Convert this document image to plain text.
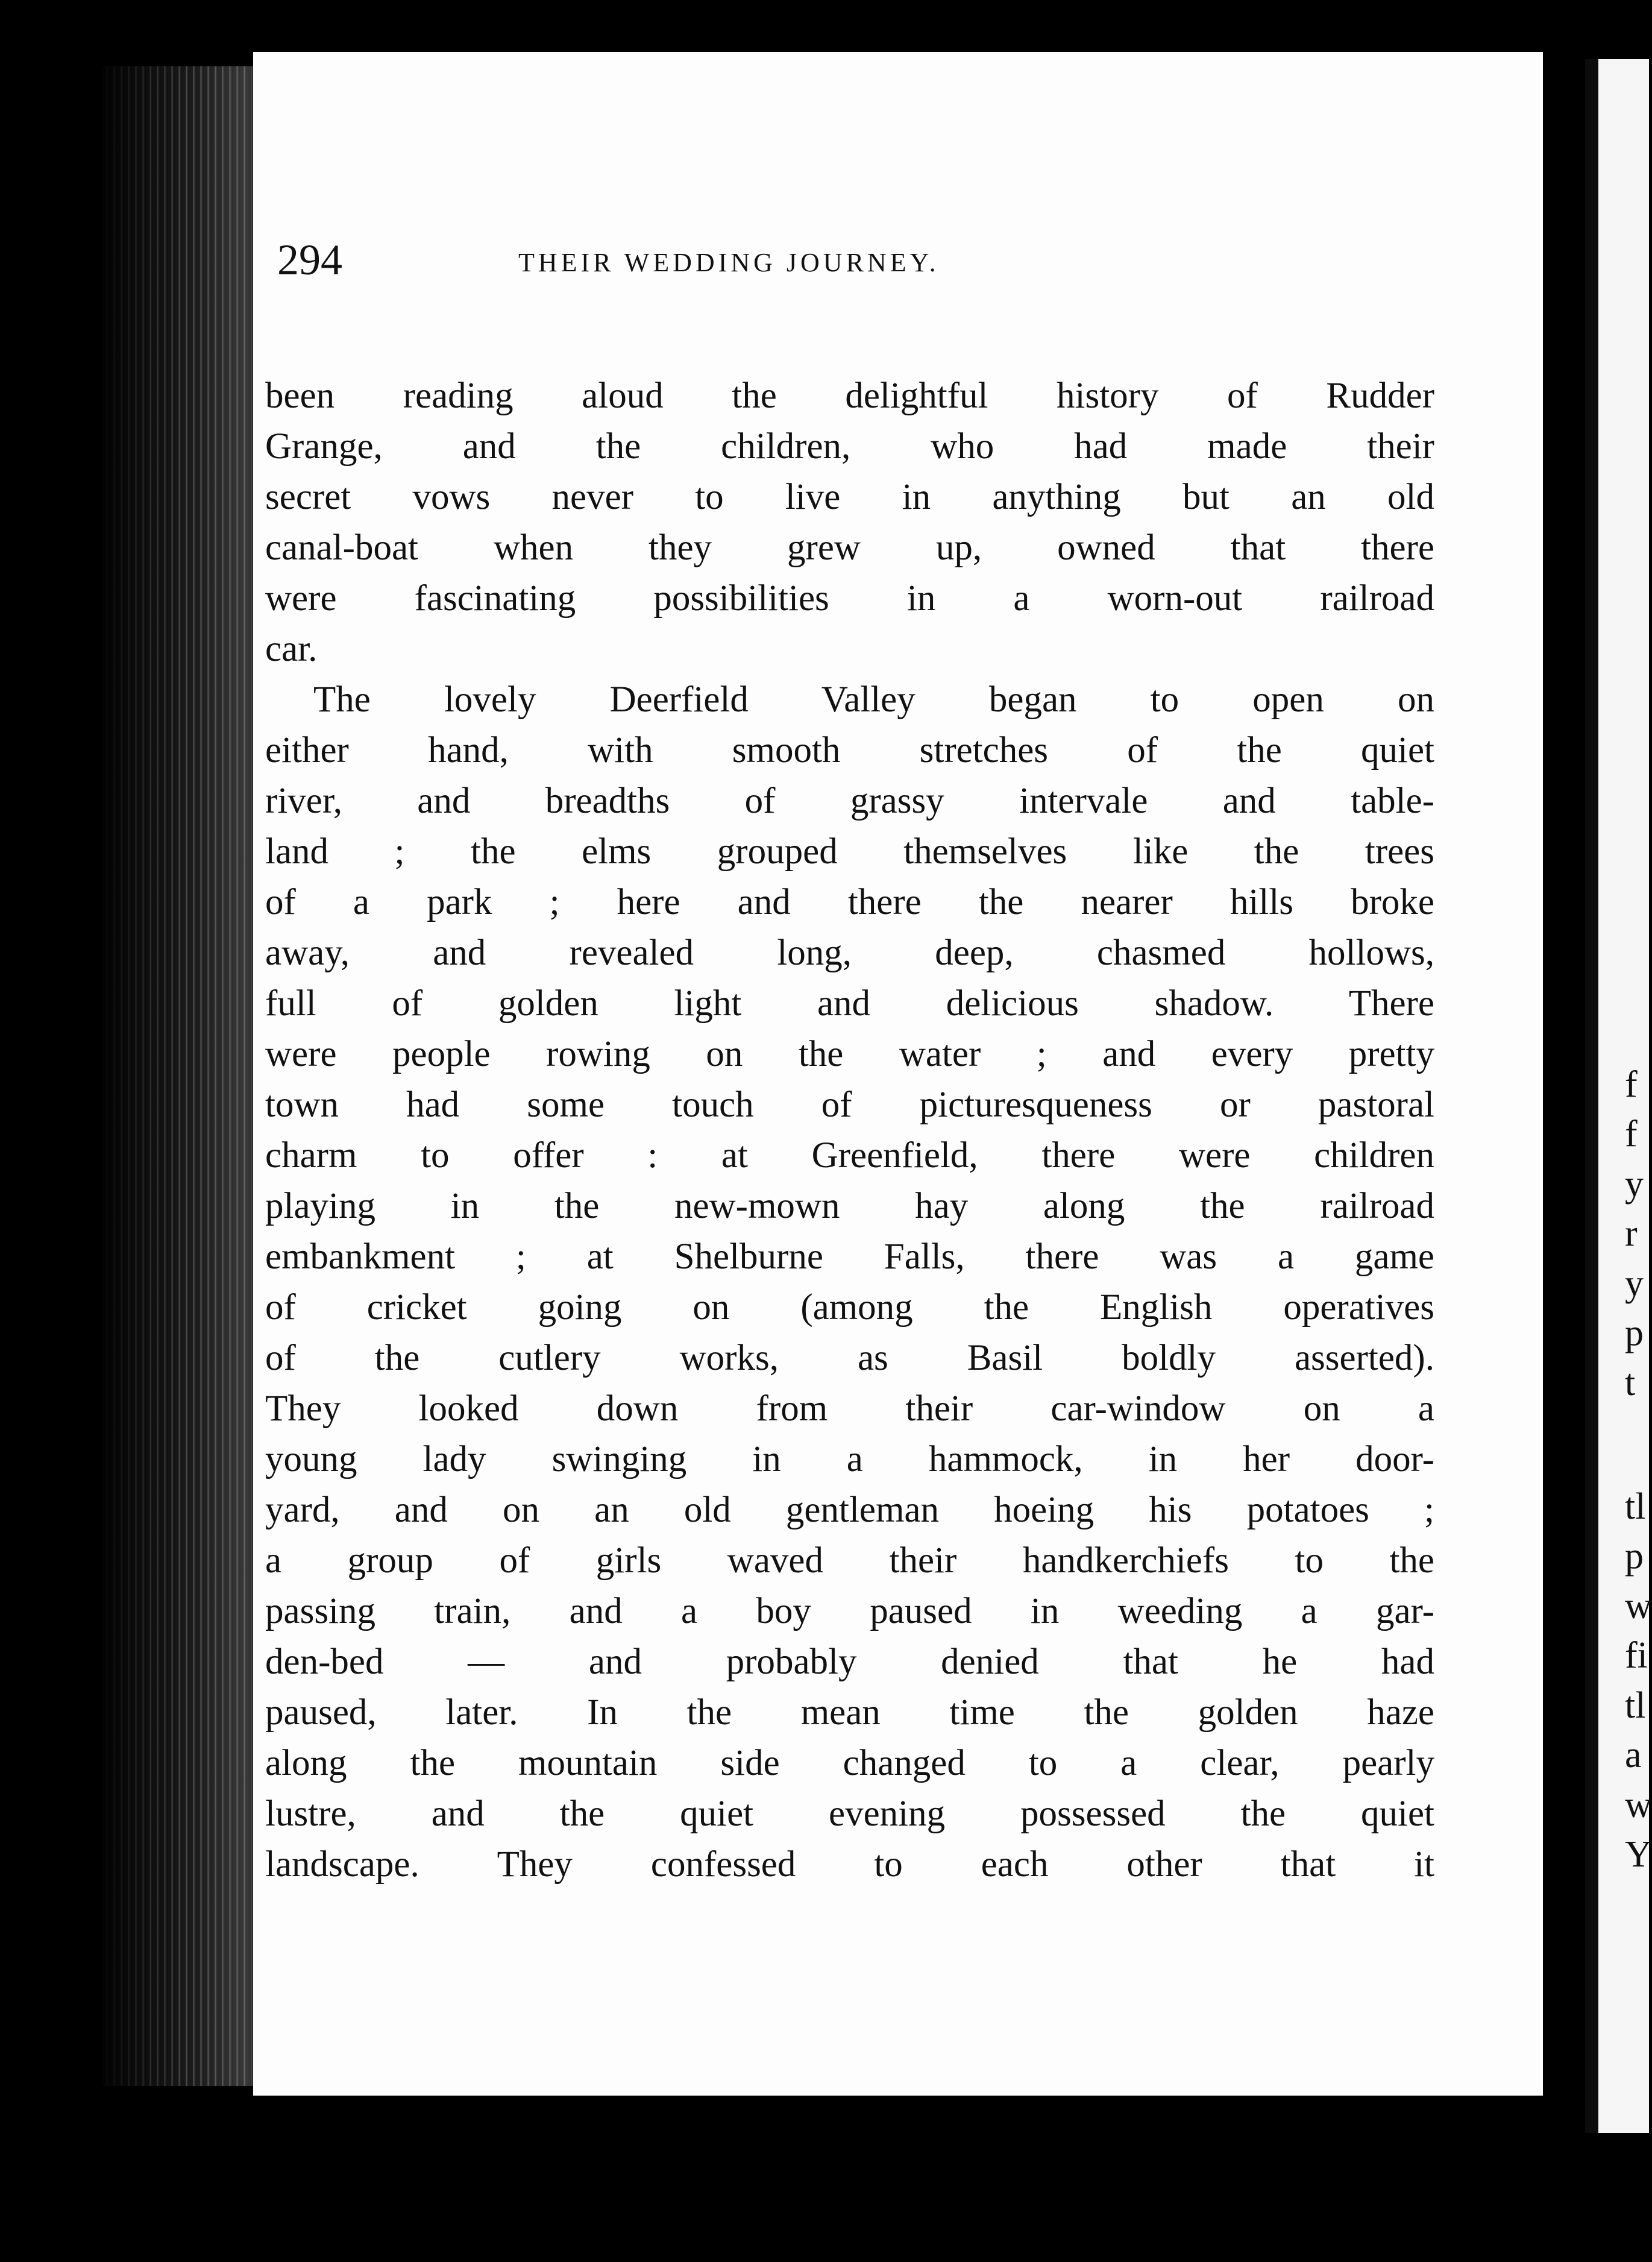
f
f
y
r
y
p
t
tl
p
w
fi
tl
a
w
Y
294	THEIR WEDDING JOURNEY.
been reading aloud the delightful history of Rudder
Grange, and the children, who had made their
secret vows never to live in anything but an old
canal-boat when they grew up, owned that there
were fascinating possibilities in a worn-out railroad
car.
The lovely Deerfield Valley began to open on
either hand, with smooth stretches of the quiet
river, and breadths of grassy intervale and table-
land ; the elms grouped themselves like the trees
of a park ; here and there the nearer hills broke
away, and revealed long, deep, chasmed hollows,
full of golden light and delicious shadow. There
were people rowing on the water ; and every pretty
town had some touch of picturesqueness or pastoral
charm to offer : at Greenfield, there were children
playing in the new-mown hay along the railroad
embankment ; at Shelburne Falls, there was a game
of cricket going on (among the English operatives
of the cutlery works, as Basil boldly asserted).
They looked down from their car-window on a
young lady swinging in a hammock, in her door-
yard, and on an old gentleman hoeing his potatoes ;
a group of girls waved their handkerchiefs to the
passing train, and a boy paused in weeding a gar-
den-bed — and probably denied that he had
paused, later. In the mean time the golden haze
along the mountain side changed to a clear, pearly
lustre, and the quiet evening possessed the quiet
landscape. They confessed to each other that it
